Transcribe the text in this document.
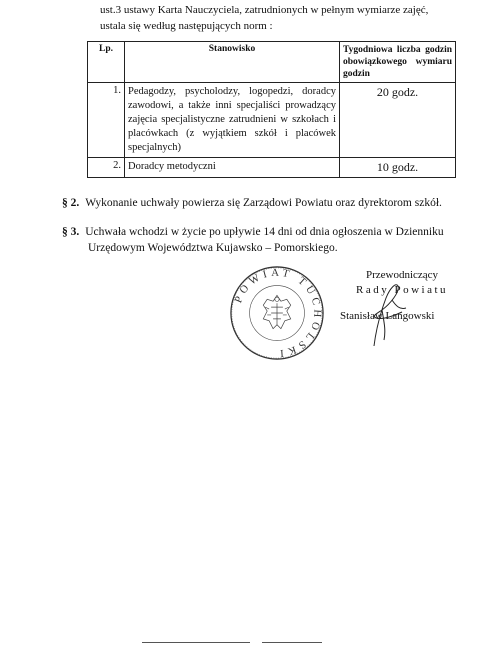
ust.3 ustawy Karta Nauczyciela, zatrudnionych w pełnym wymiarze zajęć,

ustala się według następujących norm :

Lp.	Stanowisko	Tygodniowa liczba godzin obowiązkowego wymiaru godzin
1.	Pedagodzy, psycholodzy, logopedzi, doradcy zawodowi, a także inni specjaliści prowadzący zajęcia specjalistyczne zatrudnieni w szkołach i placówkach (z wyjątkiem szkół i placówek specjalnych)	20 godz.
2.	Doradcy metodyczni	10 godz.
§ 2. Wykonanie uchwały powierza się Zarządowi Powiatu oraz dyrektorom szkół.
§ 3. Uchwała wchodzi w życie po upływie 14 dni od dnia ogłoszenia w Dzienniku
Urzędowym Województwa Kujawsko – Pomorskiego.
POWIAT TUCHOLSKI
Przewodniczący
Rady Powiatu
Stanisław Langowski
